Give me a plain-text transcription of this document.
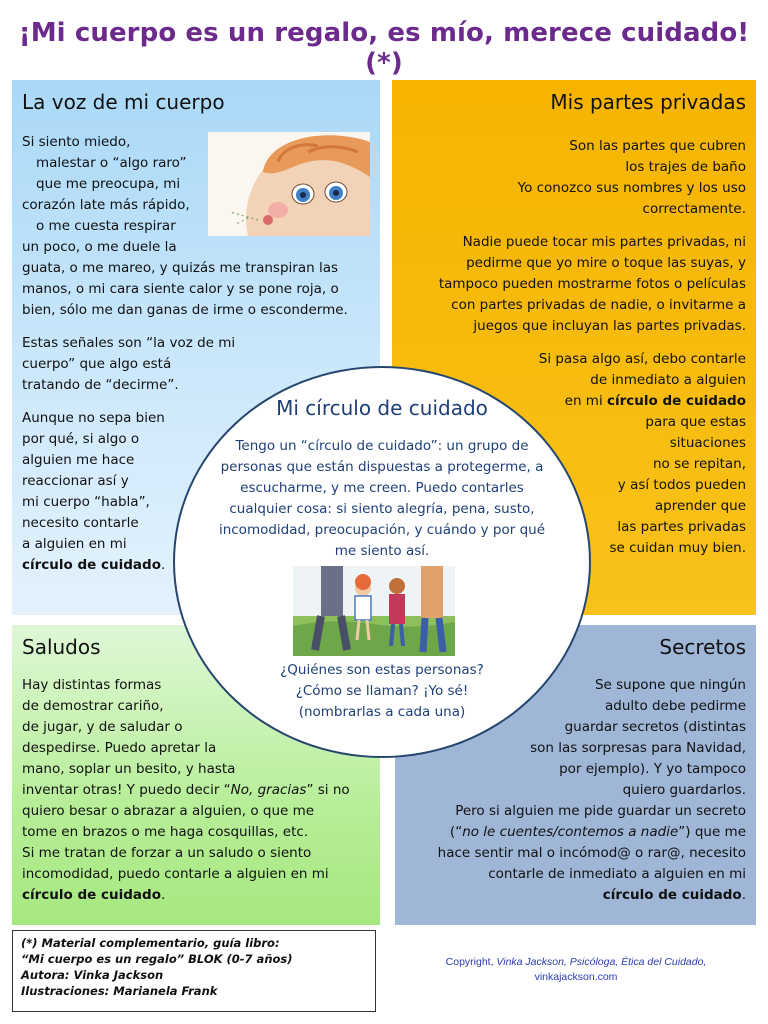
¡Mi cuerpo es un regalo, es mío, merece cuidado! (*)
La voz de mi cuerpo

Si siento miedo,
malestar o “algo raro”
que me preocupa, mi
corazón late más rápido,
o me cuesta respirar
un poco, o me duele la
guata, o me mareo, y quizás me transpiran las
manos, o mi cara siente calor y se pone roja, o
bien, sólo me dan ganas de irme o esconderme.

Estas señales son “la voz de mi
cuerpo” que algo está
tratando de “decirme”.

Aunque no sepa bien
por qué, si algo o
alguien me hace
reaccionar así y
mi cuerpo “habla”,
necesito contarle
a alguien en mi
círculo de cuidado.

Mis partes privadas

Son las partes que cubren
los trajes de baño
Yo conozco sus nombres y los uso
correctamente.

Nadie puede tocar mis partes privadas, ni
pedirme que yo mire o toque las suyas, y
tampoco pueden mostrarme fotos o películas
con partes privadas de nadie, o invitarme a
juegos que incluyan las partes privadas.

Si pasa algo así, debo contarle
de inmediato a alguien
en mi círculo de cuidado
para que estas
situaciones
no se repitan,
y así todos pueden
aprender que
las partes privadas
se cuidan muy bien.

Saludos
Hay distintas formas
de demostrar cariño,
de jugar, y de saludar o
despedirse. Puedo apretar la
mano, soplar un besito, y hasta
inventar otras! Y puedo decir “No, gracias” si no
quiero besar o abrazar a alguien, o que me
tome en brazos o me haga cosquillas, etc.
Si me tratan de forzar a un saludo o siento
incomodidad, puedo contarle a alguien en mi
círculo de cuidado.
Secretos
Se supone que ningún
adulto debe pedirme
guardar secretos (distintas
son las sorpresas para Navidad,
por ejemplo). Y yo tampoco
quiero guardarlos.
Pero si alguien me pide guardar un secreto
(“no le cuentes/contemos a nadie”) que me
hace sentir mal o incómod@ o rar@, necesito
contarle de inmediato a alguien en mi
círculo de cuidado.
Mi círculo de cuidado
Tengo un “círculo de cuidado”: un grupo de
personas que están dispuestas a protegerme, a
escucharme, y me creen. Puedo contarles
cualquier cosa: si siento alegría, pena, susto,
incomodidad, preocupación, y cuándo y por qué
me siento así.
¿Quiénes son estas personas?
¿Cómo se llaman? ¡Yo sé!
(nombrarlas a cada una)
(*) Material complementario, guía libro:
“Mi cuerpo es un regalo” BLOK (0-7 años)
Autora: Vinka Jackson
Ilustraciones: Marianela Frank
Copyright, Vinka Jackson, Psicóloga, Ética del Cuidado,
vinkajackson.com
